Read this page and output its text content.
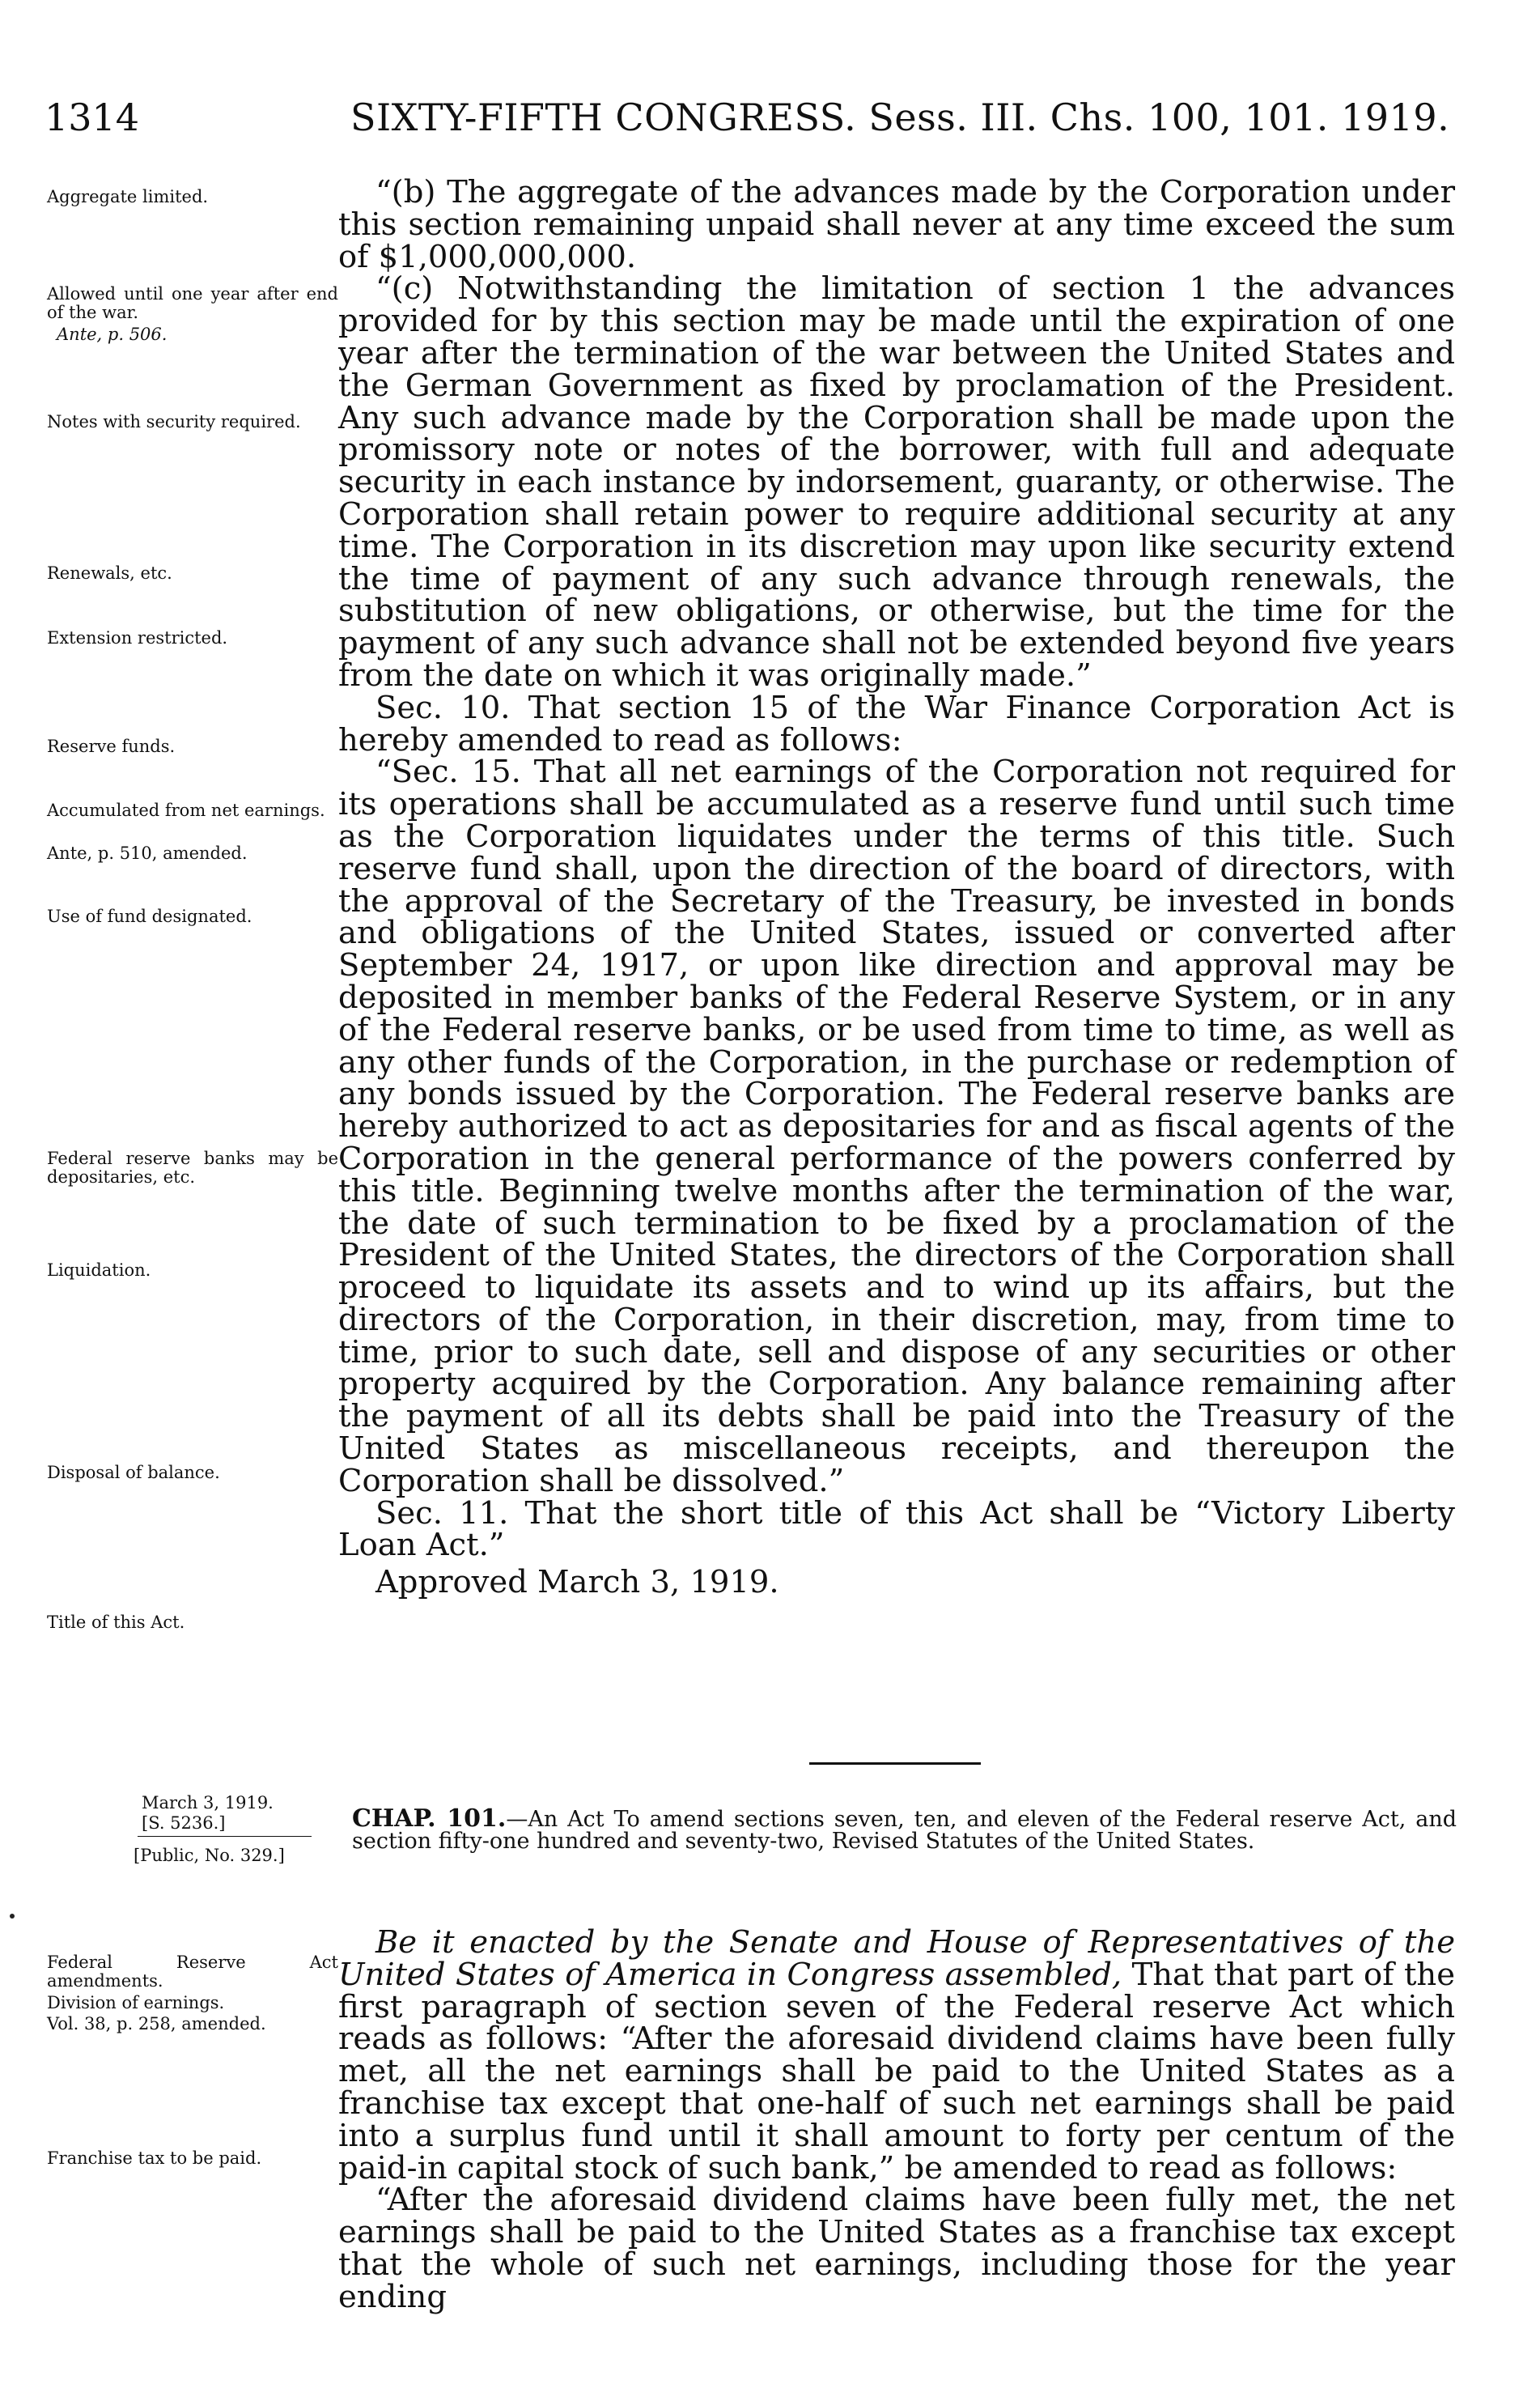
1314	SIXTY-FIFTH CONGRESS. Sess. III. Chs. 100, 101. 1919.
Aggregate limited.
Allowed until one year after end of the war.
Ante, p. 506.
Notes with security required.
Renewals, etc.
Extension restricted.
Reserve funds.
Accumulated from net earnings.
Ante, p. 510, amended.
Use of fund designated.
Federal reserve banks may be depositaries, etc.
Liquidation.
Disposal of balance.
Title of this Act.
Federal Reserve Act amendments.
Division of earnings.
Vol. 38, p. 258, amended.
Franchise tax to be paid.

“(b) The aggregate of the advances made by the Corporation under this section remaining unpaid shall never at any time exceed the sum of $1,000,000,000.

“(c) Notwithstanding the limitation of section 1 the advances provided for by this section may be made until the expiration of one year after the termination of the war between the United States and the German Government as fixed by proclamation of the President. Any such advance made by the Corporation shall be made upon the promissory note or notes of the borrower, with full and adequate security in each instance by indorsement, guaranty, or otherwise. The Corporation shall retain power to require additional security at any time. The Corporation in its discretion may upon like security extend the time of payment of any such advance through renewals, the substitution of new obligations, or otherwise, but the time for the payment of any such advance shall not be extended beyond five years from the date on which it was originally made.”

Sec. 10. That section 15 of the War Finance Corporation Act is hereby amended to read as follows:

“Sec. 15. That all net earnings of the Corporation not required for its operations shall be accumulated as a reserve fund until such time as the Corporation liquidates under the terms of this title. Such reserve fund shall, upon the direction of the board of directors, with the approval of the Secretary of the Treasury, be invested in bonds and obligations of the United States, issued or converted after September 24, 1917, or upon like direction and approval may be deposited in member banks of the Federal Reserve System, or in any of the Federal reserve banks, or be used from time to time, as well as any other funds of the Corporation, in the purchase or redemption of any bonds issued by the Corporation. The Federal reserve banks are hereby authorized to act as depositaries for and as fiscal agents of the Corporation in the general performance of the powers conferred by this title. Beginning twelve months after the termination of the war, the date of such termination to be fixed by a proclamation of the President of the United States, the directors of the Corporation shall proceed to liquidate its assets and to wind up its affairs, but the directors of the Corporation, in their discretion, may, from time to time, prior to such date, sell and dispose of any securities or other property acquired by the Corporation. Any balance remaining after the payment of all its debts shall be paid into the Treasury of the United States as miscellaneous receipts, and thereupon the Corporation shall be dissolved.”

Sec. 11. That the short title of this Act shall be “Victory Liberty Loan Act.”

Approved March 3, 1919.

March 3, 1919.
[S. 5236.]
[Public, No. 329.]
CHAP. 101.—An Act To amend sections seven, ten, and eleven of the Federal reserve Act, and section fifty-one hundred and seventy-two, Revised Statutes of the United States.

Be it enacted by the Senate and House of Representatives of the United States of America in Congress assembled, That that part of the first paragraph of section seven of the Federal reserve Act which reads as follows: “After the aforesaid dividend claims have been fully met, all the net earnings shall be paid to the United States as a franchise tax except that one-half of such net earnings shall be paid into a surplus fund until it shall amount to forty per centum of the paid-in capital stock of such bank,” be amended to read as follows:

“After the aforesaid dividend claims have been fully met, the net earnings shall be paid to the United States as a franchise tax except that the whole of such net earnings, including those for the year ending
